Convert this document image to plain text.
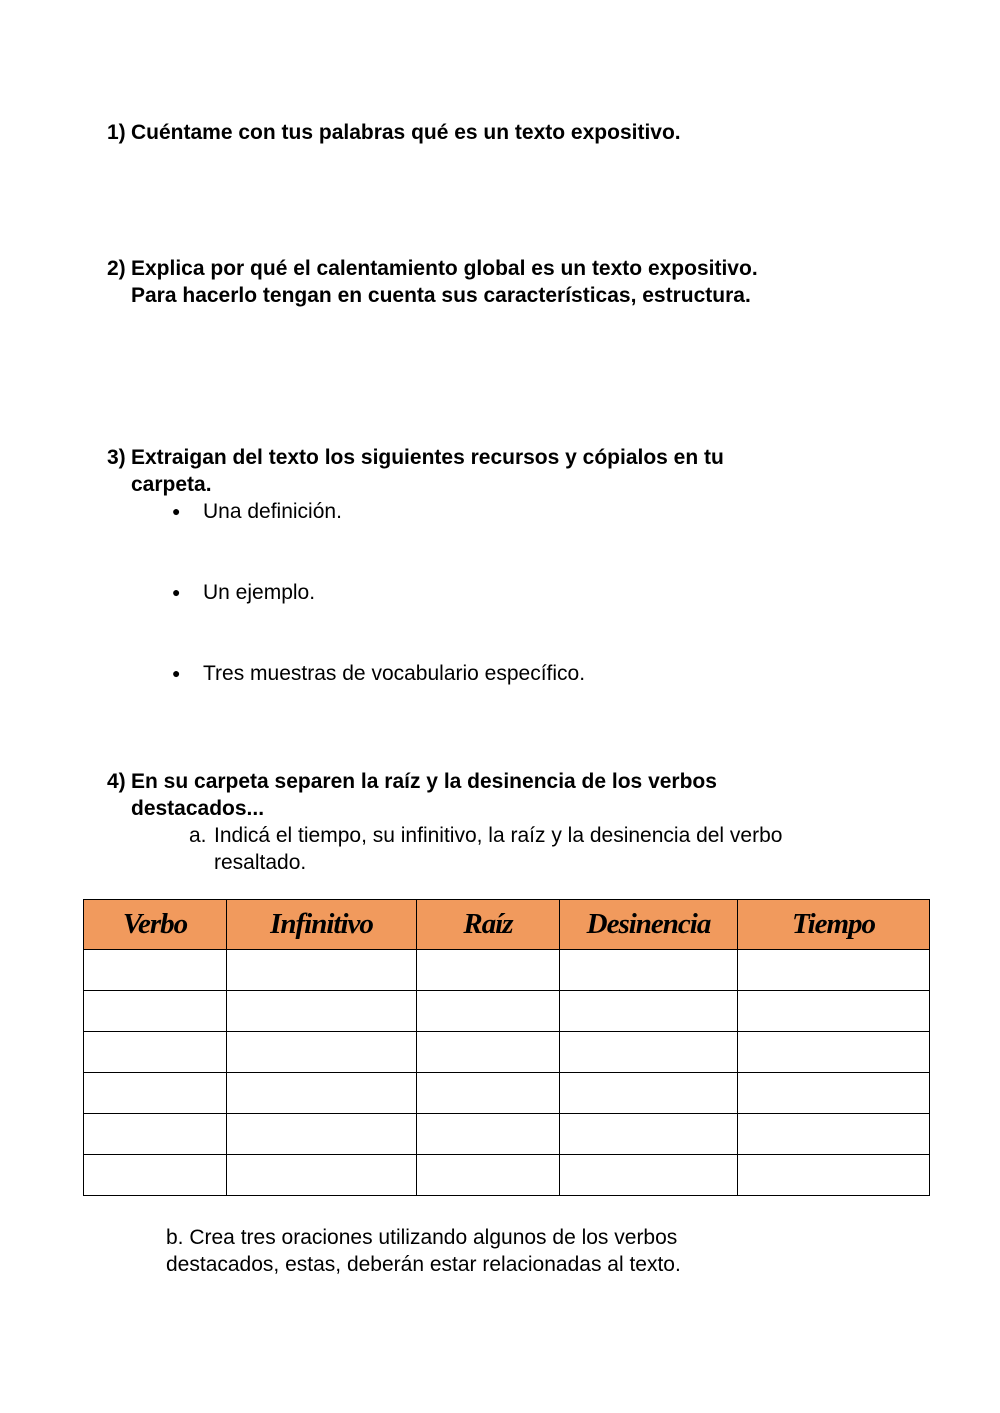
1) Cuéntame con tus palabras qué es un texto expositivo.
2) Explica por qué el calentamiento global es un texto expositivo.
Para hacerlo tengan en cuenta sus características, estructura.
3) Extraigan del texto los siguientes recursos y cópialos en tu
carpeta.
● Una definición.
● Un ejemplo.
● Tres muestras de vocabulario específico.
4) En su carpeta separen la raíz y la desinencia de los verbos
destacados...
a. Indicá el tiempo, su infinitivo, la raíz y la desinencia del verbo
resaltado.
Verbo	Infinitivo	Raíz	Desinencia	Tiempo

b. Crea tres oraciones utilizando algunos de los verbos
destacados, estas, deberán estar relacionadas al texto.
